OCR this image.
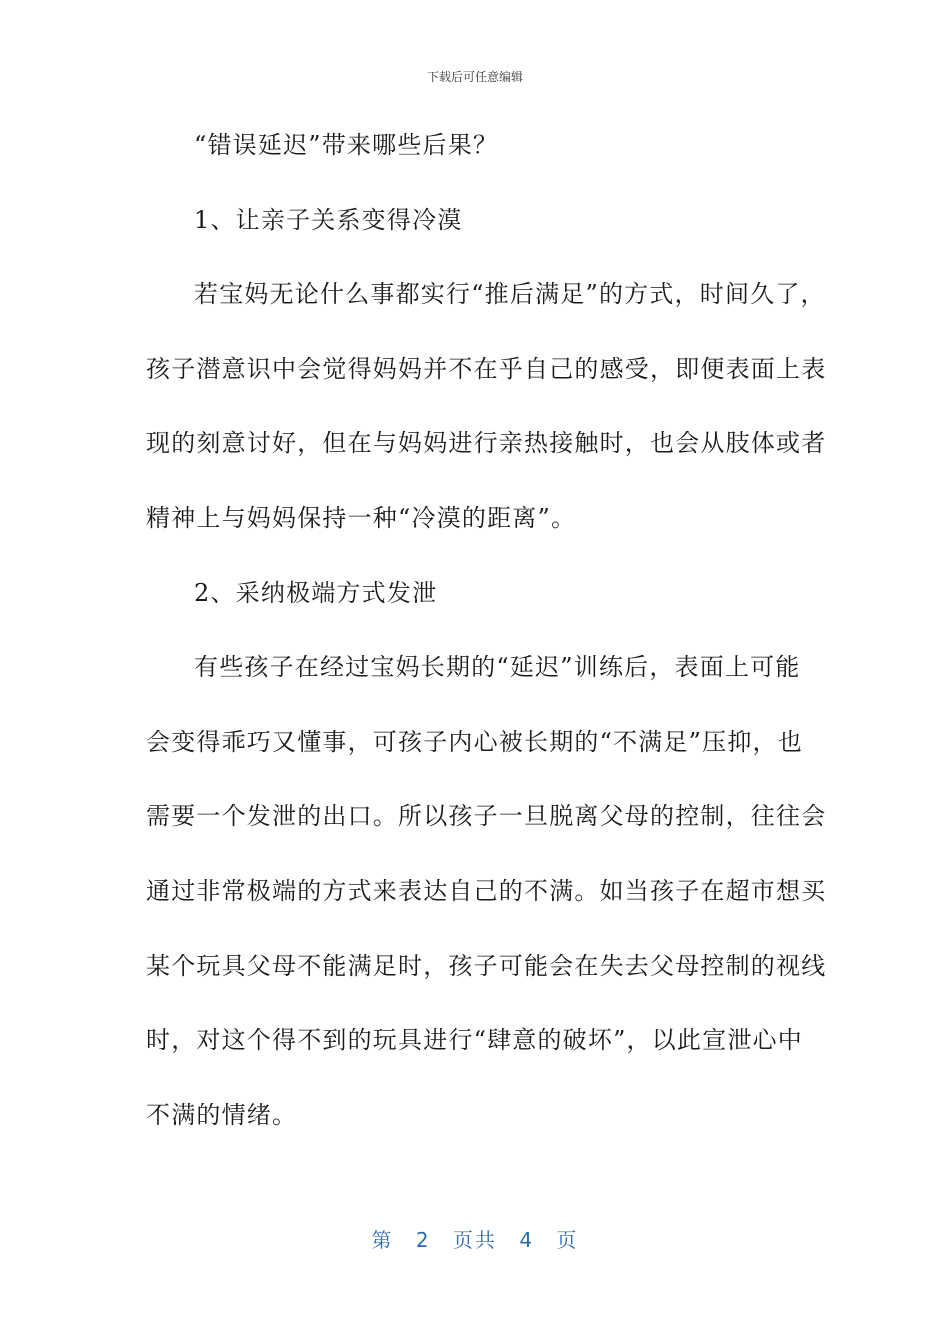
下载后可任意编辑
“错误延迟”带来哪些后果？
1、让亲子关系变得冷漠
若宝妈无论什么事都实行“推后满足”的方式，时间久了，
孩子潜意识中会觉得妈妈并不在乎自己的感受，即便表面上表
现的刻意讨好，但在与妈妈进行亲热接触时，也会从肢体或者
精神上与妈妈保持一种“冷漠的距离”。
2、采纳极端方式发泄
有些孩子在经过宝妈长期的“延迟”训练后，表面上可能
会变得乖巧又懂事，可孩子内心被长期的“不满足”压抑，也
需要一个发泄的出口。所以孩子一旦脱离父母的控制，往往会
通过非常极端的方式来表达自己的不满。如当孩子在超市想买
某个玩具父母不能满足时，孩子可能会在失去父母控制的视线
时，对这个得不到的玩具进行“肆意的破坏”，以此宣泄心中
不满的情绪。
第 2 页共 4 页
